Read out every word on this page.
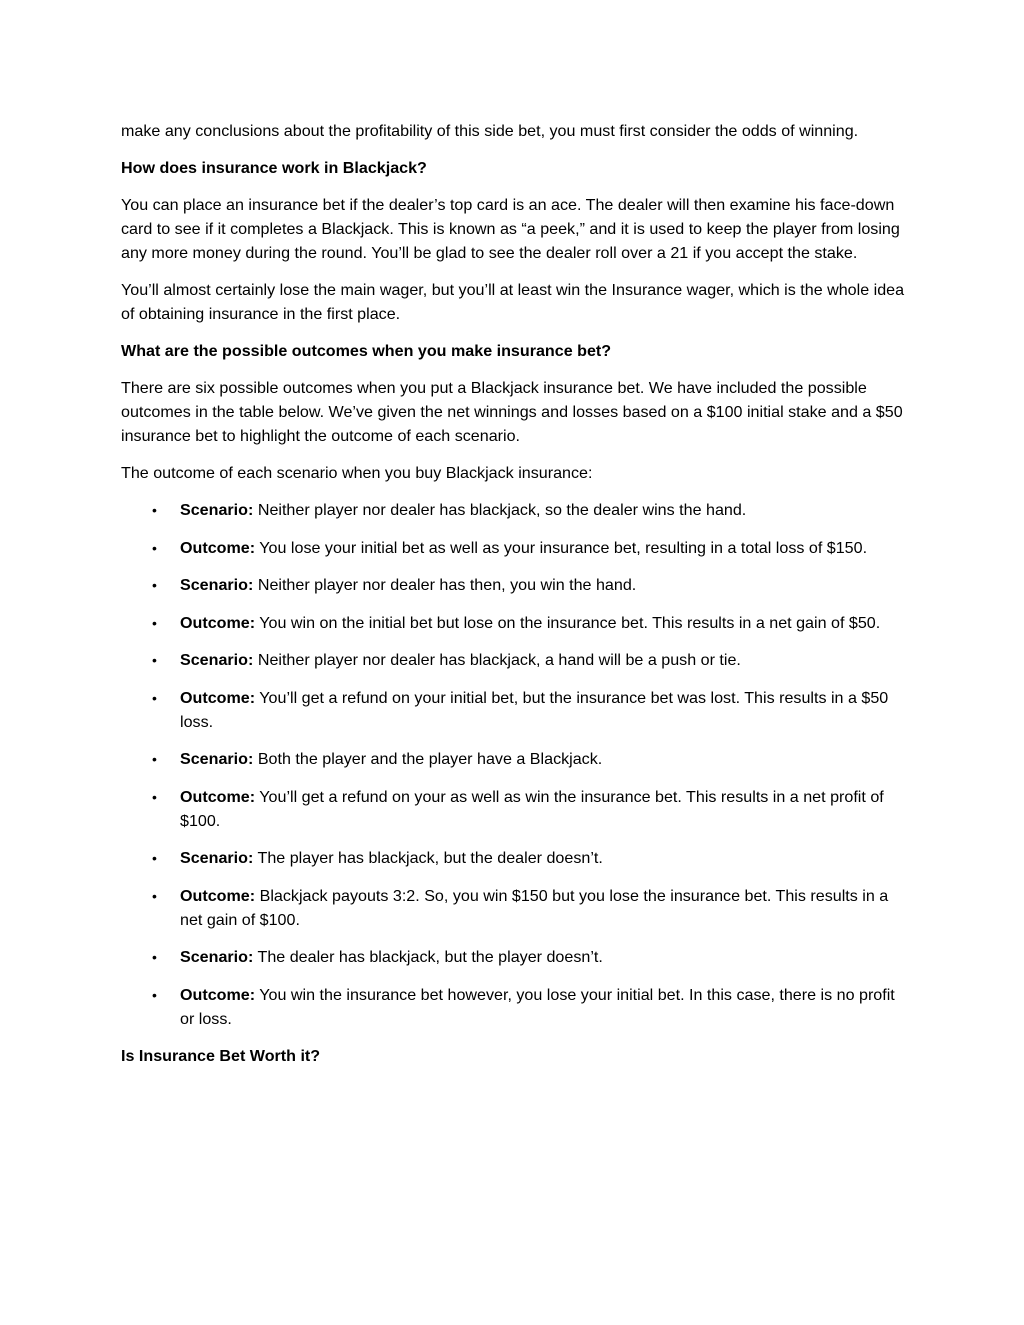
make any conclusions about the profitability of this side bet, you must first consider the odds of winning.

How does insurance work in Blackjack?

You can place an insurance bet if the dealer’s top card is an ace. The dealer will then examine his face-down card to see if it completes a Blackjack. This is known as “a peek,” and it is used to keep the player from losing any more money during the round. You’ll be glad to see the dealer roll over a 21 if you accept the stake.

You’ll almost certainly lose the main wager, but you’ll at least win the Insurance wager, which is the whole idea of obtaining insurance in the first place.

What are the possible outcomes when you make insurance bet?

There are six possible outcomes when you put a Blackjack insurance bet. We have included the possible outcomes in the table below. We’ve given the net winnings and losses based on a $100 initial stake and a $50 insurance bet to highlight the outcome of each scenario.

The outcome of each scenario when you buy Blackjack insurance:

• Scenario: Neither player nor dealer has blackjack, so the dealer wins the hand.
• Outcome: You lose your initial bet as well as your insurance bet, resulting in a total loss of $150.
• Scenario: Neither player nor dealer has then, you win the hand.
• Outcome: You win on the initial bet but lose on the insurance bet. This results in a net gain of $50.
• Scenario: Neither player nor dealer has blackjack, a hand will be a push or tie.
• Outcome: You’ll get a refund on your initial bet, but the insurance bet was lost. This results in a $50 loss.
• Scenario: Both the player and the player have a Blackjack.
• Outcome: You’ll get a refund on your as well as win the insurance bet. This results in a net profit of $100.
• Scenario: The player has blackjack, but the dealer doesn’t.
• Outcome: Blackjack payouts 3:2. So, you win $150 but you lose the insurance bet. This results in a net gain of $100.
• Scenario: The dealer has blackjack, but the player doesn’t.
• Outcome: You win the insurance bet however, you lose your initial bet. In this case, there is no profit or loss.

Is Insurance Bet Worth it?
